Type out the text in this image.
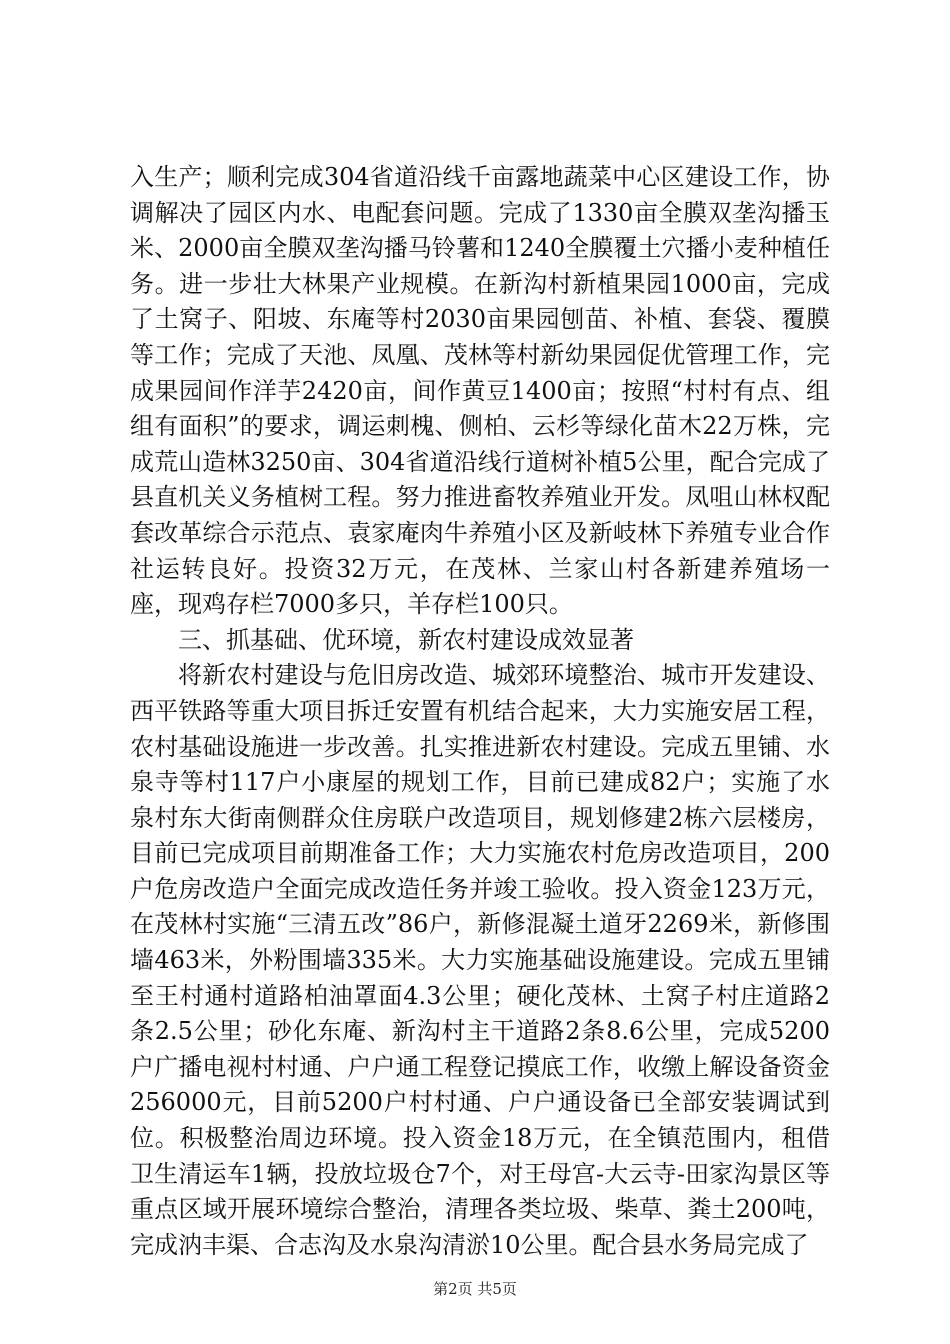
入生产；顺利完成304省道沿线千亩露地蔬菜中心区建设工作，协调解决了园区内水、电配套问题。完成了1330亩全膜双垄沟播玉米、2000亩全膜双垄沟播马铃薯和1240全膜覆土穴播小麦种植任务。进一步壮大林果产业规模。在新沟村新植果园1000亩，完成了土窝子、阳坡、东庵等村2030亩果园刨苗、补植、套袋、覆膜等工作；完成了天池、凤凰、茂林等村新幼果园促优管理工作，完成果园间作洋芋2420亩，间作黄豆1400亩；按照“村村有点、组组有面积”的要求，调运刺槐、侧柏、云杉等绿化苗木22万株，完成荒山造林3250亩、304省道沿线行道树补植5公里，配合完成了县直机关义务植树工程。努力推进畜牧养殖业开发。凤咀山林权配套改革综合示范点、袁家庵肉牛养殖小区及新岐林下养殖专业合作社运转良好。投资32万元，在茂林、兰家山村各新建养殖场一座，现鸡存栏7000多只，羊存栏100只。

三、抓基础、优环境，新农村建设成效显著

将新农村建设与危旧房改造、城郊环境整治、城市开发建设、西平铁路等重大项目拆迁安置有机结合起来，大力实施安居工程，农村基础设施进一步改善。扎实推进新农村建设。完成五里铺、水泉寺等村117户小康屋的规划工作，目前已建成82户；实施了水泉村东大街南侧群众住房联户改造项目，规划修建2栋六层楼房，目前已完成项目前期准备工作；大力实施农村危房改造项目，200户危房改造户全面完成改造任务并竣工验收。投入资金123万元，在茂林村实施“三清五改”86户，新修混凝土道牙2269米，新修围墙463米，外粉围墙335米。大力实施基础设施建设。完成五里铺至王村通村道路柏油罩面4.3公里；硬化茂林、土窝子村庄道路2条2.5公里；砂化东庵、新沟村主干道路2条8.6公里，完成5200户广播电视村村通、户户通工程登记摸底工作，收缴上解设备资金256000元，目前5200户村村通、户户通设备已全部安装调试到位。积极整治周边环境。投入资金18万元，在全镇范围内，租借卫生清运车1辆，投放垃圾仓7个，对王母宫-大云寺-田家沟景区等重点区域开展环境综合整治，清理各类垃圾、柴草、粪土200吨，完成汭丰渠、合志沟及水泉沟清淤10公里。配合县水务局完成了

第2页 共5页
